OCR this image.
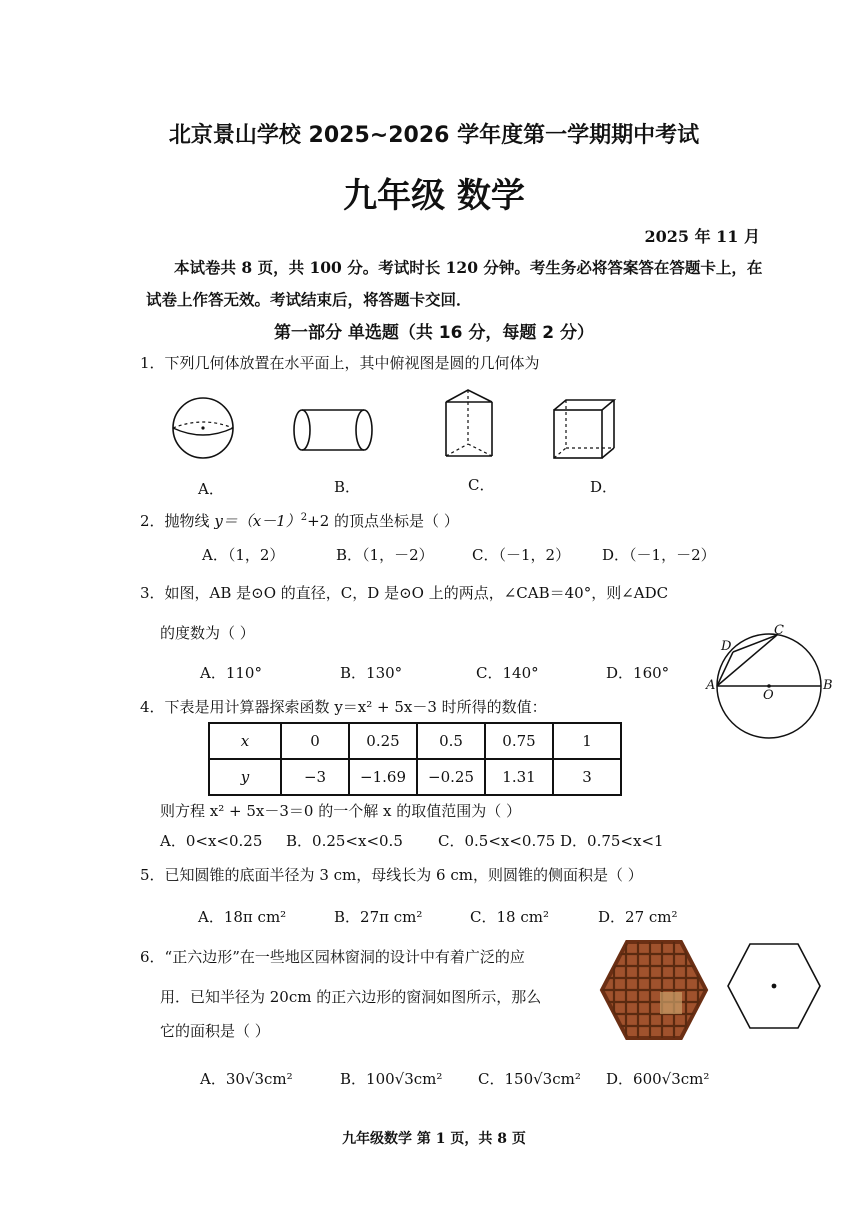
北京景山学校 2025~2026 学年度第一学期期中考试
九年级 数学
2025 年 11 月
本试卷共 8 页，共 100 分。考试时长 120 分钟。考生务必将答案答在答题卡上，在试卷上作答无效。考试结束后，将答题卡交回．
第一部分 单选题（共 16 分，每题 2 分）
1．下列几何体放置在水平面上，其中俯视图是圆的几何体为
A．	B．	C．	D．
2．抛物线 $y=(x-1)^2+2$ 的顶点坐标是（ ）
A．（1，2）	B．（1，－2）	C．（－1，2） D．（－1，－2）
3．如图，AB 是⊙O 的直径，C，D 是⊙O 上的两点，∠CAB＝40°，则∠ADC
的度数为（ ）
A．110°	B．130°	C．140°	D．160°
A	B
C
D
O
4．下表是用计算器探索函数 y＝x² + 5x－3 时所得的数值：
x	0	0.25	0.5	0.75	1
y	−3	−1.69	−0.25	1.31	3
则方程 x² + 5x－3＝0 的一个解 x 的取值范围为（ ）
A．0<x<0.25 B．0.25<x<0.5 C．0.5<x<0.75 D．0.75<x<1
5．已知圆锥的底面半径为 3 cm，母线长为 6 cm，则圆锥的侧面积是（ ）
A．18π cm²	B．27π cm²	C．18 cm²	D．27 cm²
6．“正六边形”在一些地区园林窗洞的设计中有着广泛的应
用．已知半径为 20cm 的正六边形的窗洞如图所示，那么
它的面积是（ ）
A．30√3cm²	B．100√3cm² C．150√3cm² D．600√3cm²
九年级数学 第 1 页，共 8 页
